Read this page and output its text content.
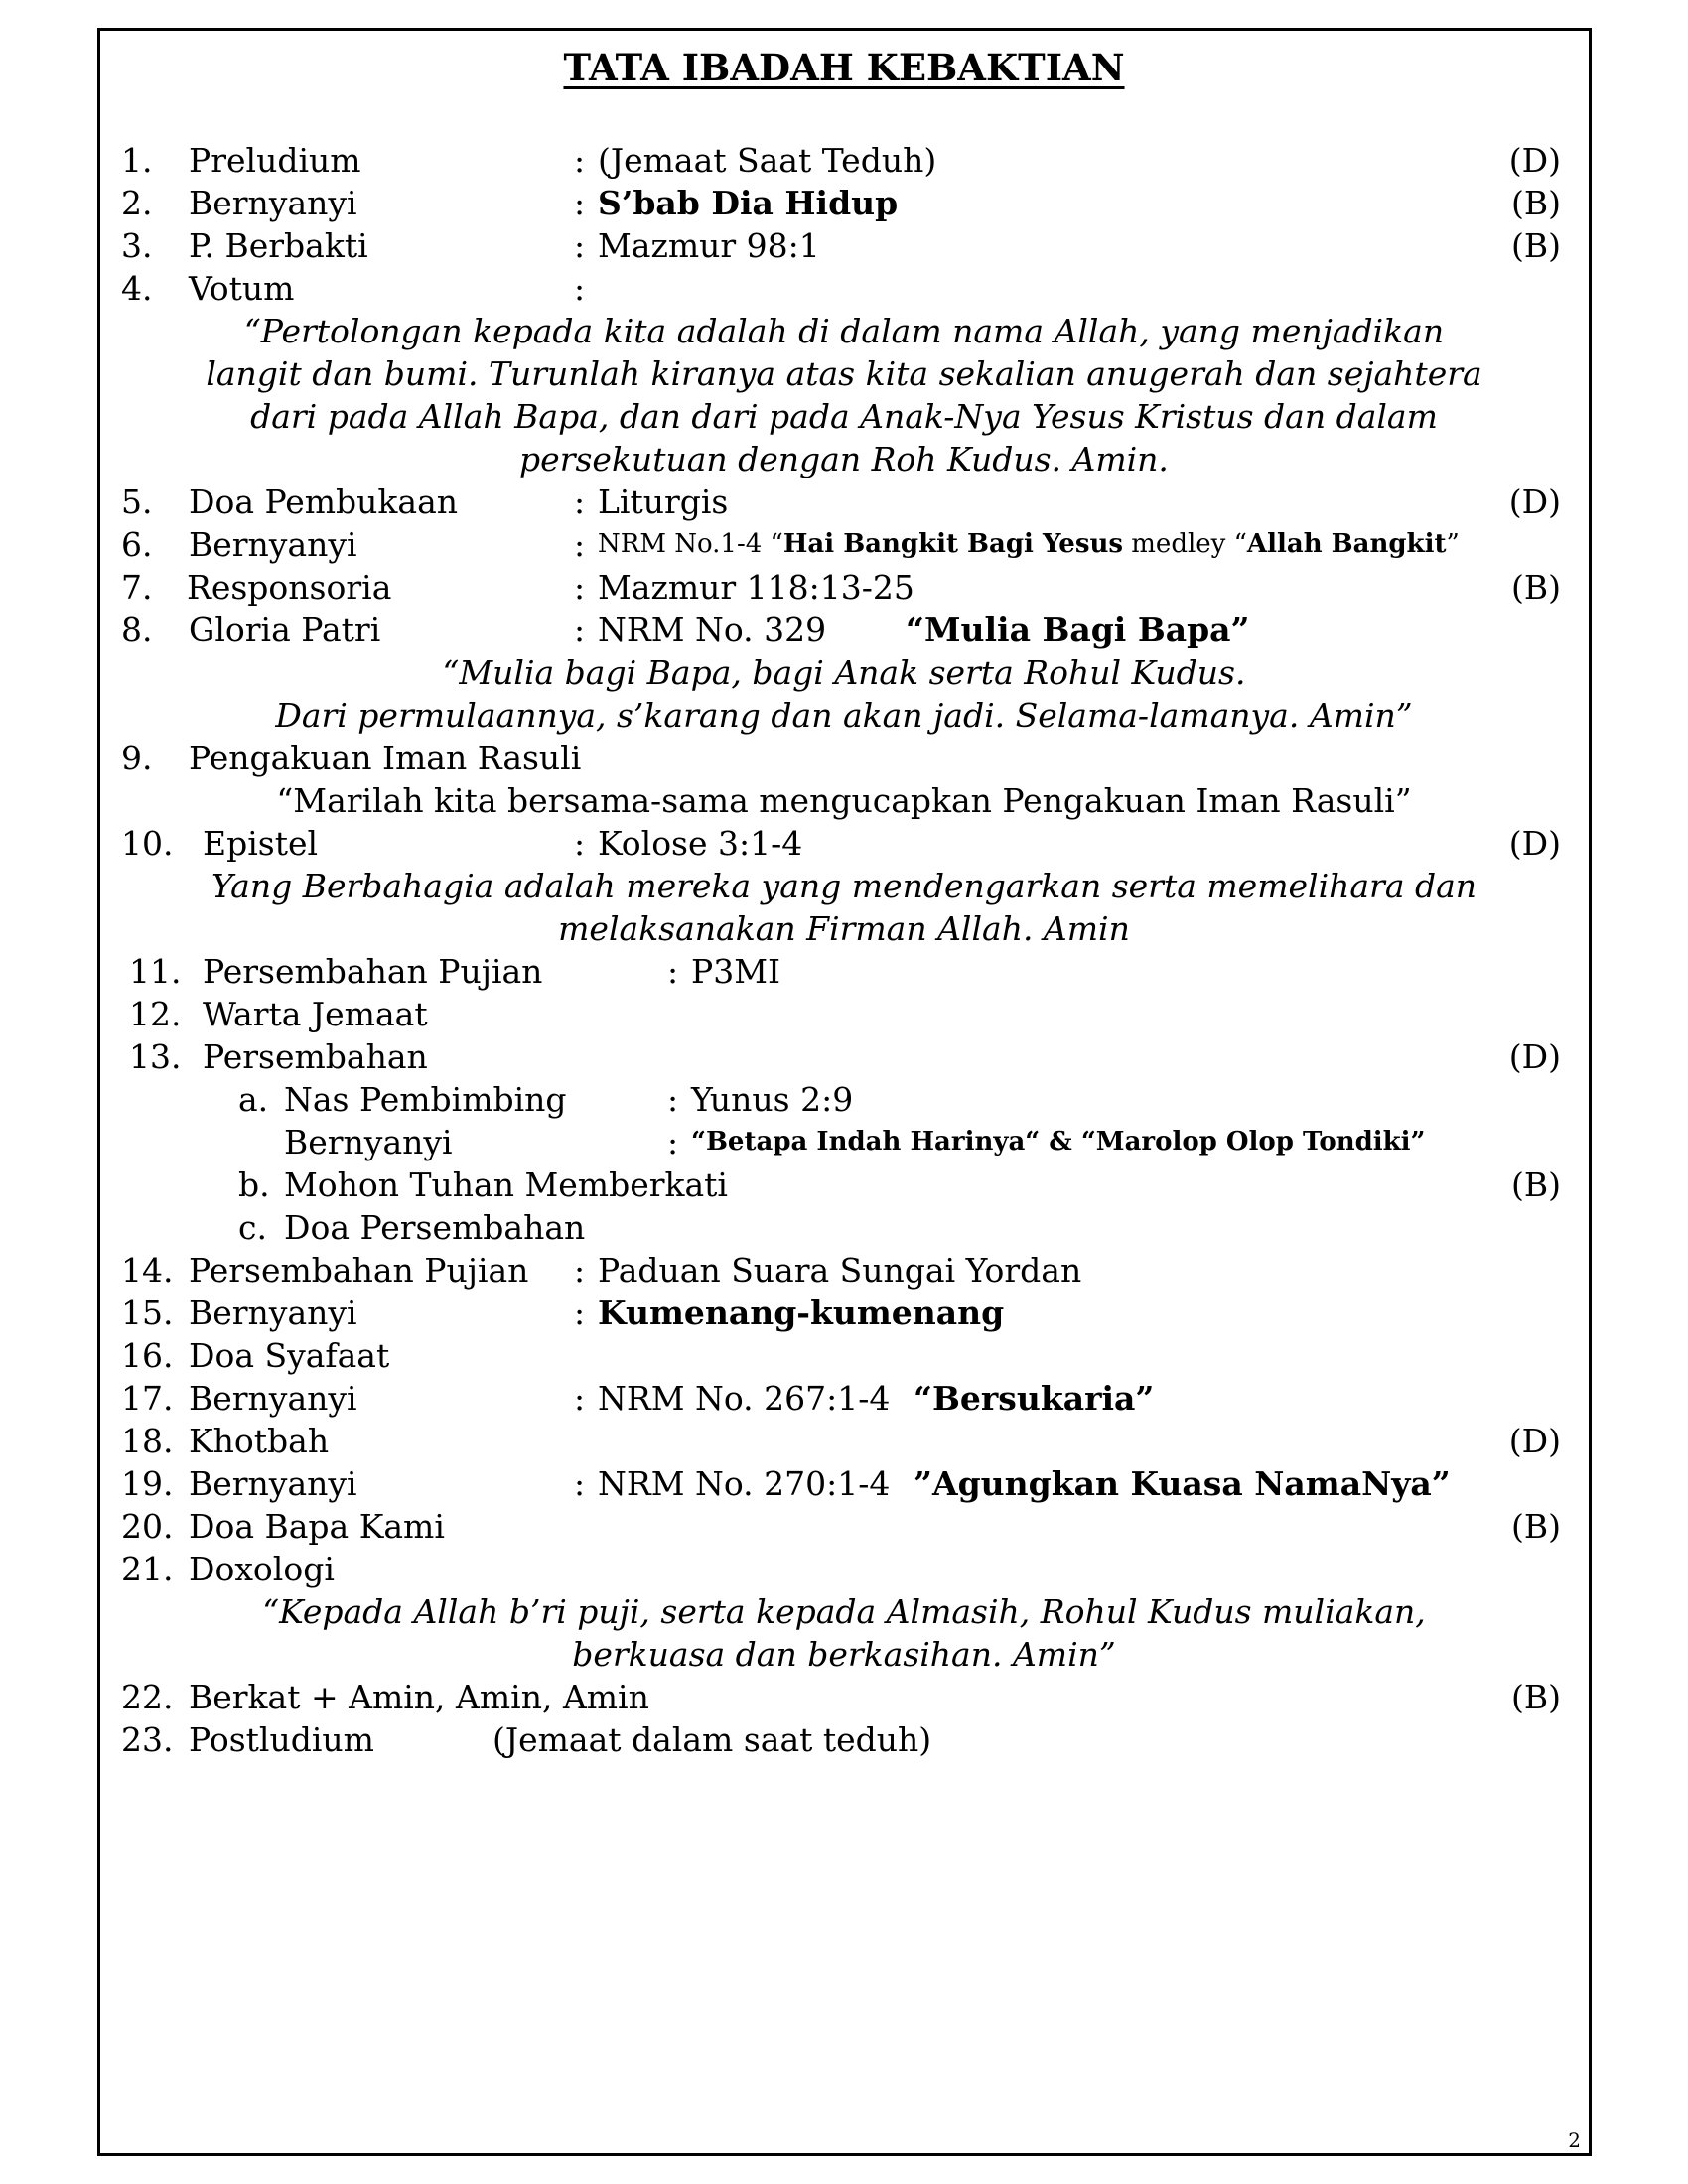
TATA IBADAH KEBAKTIAN
1. Preludium	: (Jemaat Saat Teduh)	(D)
2. Bernyanyi	: S’bab Dia Hidup	(B)
3. P. Berbakti	: Mazmur 98:1	(B)
4. Votum	:
“Pertolongan kepada kita adalah di dalam nama Allah, yang menjadikan
langit dan bumi. Turunlah kiranya atas kita sekalian anugerah dan sejahtera
dari pada Allah Bapa, dan dari pada Anak-Nya Yesus Kristus dan dalam
persekutuan dengan Roh Kudus. Amin.
5. Doa Pembukaan	: Liturgis	(D)
6. Bernyanyi	: NRM No.1-4 “Hai Bangkit Bagi Yesus medley “Allah Bangkit”
7. Responsoria	: Mazmur 118:13-25	(B)
8. Gloria Patri	: NRM No. 329 “Mulia Bagi Bapa”
“Mulia bagi Bapa, bagi Anak serta Rohul Kudus.
Dari permulaannya, s’karang dan akan jadi. Selama-lamanya. Amin”
9. Pengakuan Iman Rasuli
“Marilah kita bersama-sama mengucapkan Pengakuan Iman Rasuli”
10. Epistel	: Kolose 3:1-4	(D)
Yang Berbahagia adalah mereka yang mendengarkan serta memelihara dan
melaksanakan Firman Allah. Amin
11. Persembahan Pujian	: P3MI
12. Warta Jemaat
13. Persembahan	(D)
a. Nas Pembimbing	: Yunus 2:9
Bernyanyi	: “Betapa Indah Harinya“ & “Marolop Olop Tondiki”
b. Mohon Tuhan Memberkati	(B)
c. Doa Persembahan
14. Persembahan Pujian : Paduan Suara Sungai Yordan
15. Bernyanyi	: Kumenang-kumenang
16. Doa Syafaat
17. Bernyanyi	: NRM No. 267:1-4 “Bersukaria”
18. Khotbah	(D)
19. Bernyanyi	: NRM No. 270:1-4 ”Agungkan Kuasa NamaNya”
20. Doa Bapa Kami	(B)
21. Doxologi
“Kepada Allah b’ri puji, serta kepada Almasih, Rohul Kudus muliakan,
berkuasa dan berkasihan. Amin”
22. Berkat + Amin, Amin, Amin	(B)
23. Postludium	(Jemaat dalam saat teduh)
2
